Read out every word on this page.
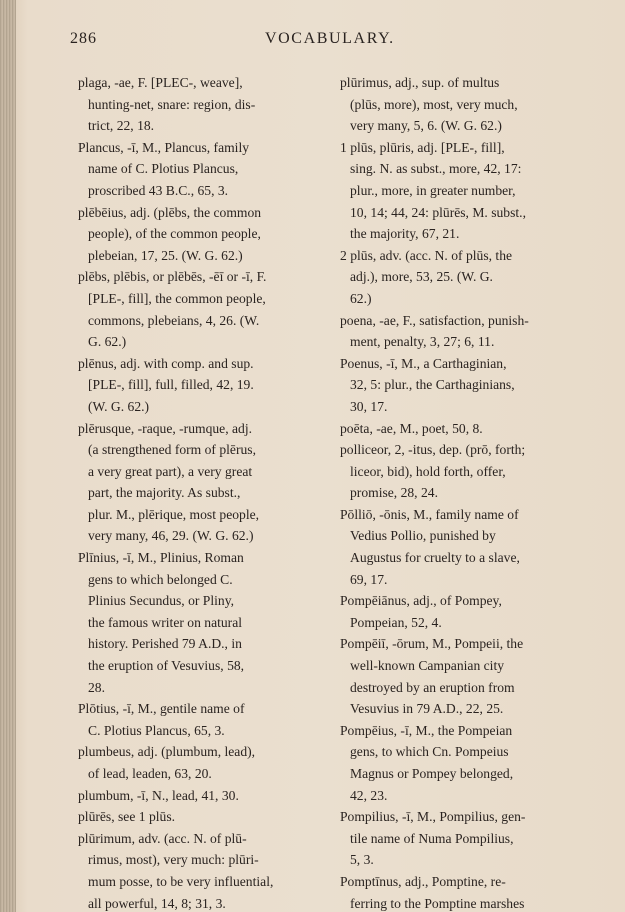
286	VOCABULARY.
plaga, -ae, F. [PLEC-, weave],
hunting-net, snare: region, dis-
trict, 22, 18.
Plancus, -ī, M., Plancus, family
name of C. Plotius Plancus,
proscribed 43 B.C., 65, 3.
plēbēius, adj. (plēbs, the common
people), of the common people,
plebeian, 17, 25. (W. G. 62.)
plēbs, plēbis, or plēbēs, -ēī or -ī, F.
[PLE-, fill], the common people,
commons, plebeians, 4, 26. (W.
G. 62.)
plēnus, adj. with comp. and sup.
[PLE-, fill], full, filled, 42, 19.
(W. G. 62.)
plērusque, -raque, -rumque, adj.
(a strengthened form of plērus,
a very great part), a very great
part, the majority. As subst.,
plur. M., plērique, most people,
very many, 46, 29. (W. G. 62.)
Plīnius, -ī, M., Plinius, Roman
gens to which belonged C.
Plinius Secundus, or Pliny,
the famous writer on natural
history. Perished 79 A.D., in
the eruption of Vesuvius, 58,
28.
Plōtius, -ī, M., gentile name of
C. Plotius Plancus, 65, 3.
plumbeus, adj. (plumbum, lead),
of lead, leaden, 63, 20.
plumbum, -ī, N., lead, 41, 30.
plūrēs, see 1 plūs.
plūrimum, adv. (acc. N. of plū-
rimus, most), very much: plūri-
mum posse, to be very influential,
all powerful, 14, 8; 31, 3.
plūrimus, adj., sup. of multus
(plūs, more), most, very much,
very many, 5, 6. (W. G. 62.)
1 plūs, plūris, adj. [PLE-, fill],
sing. N. as subst., more, 42, 17:
plur., more, in greater number,
10, 14; 44, 24: plūrēs, M. subst.,
the majority, 67, 21.
2 plūs, adv. (acc. N. of plūs, the
adj.), more, 53, 25. (W. G.
62.)
poena, -ae, F., satisfaction, punish-
ment, penalty, 3, 27; 6, 11.
Poenus, -ī, M., a Carthaginian,
32, 5: plur., the Carthaginians,
30, 17.
poēta, -ae, M., poet, 50, 8.
polliceor, 2, -itus, dep. (prō, forth;
liceor, bid), hold forth, offer,
promise, 28, 24.
Pōlliō, -ōnis, M., family name of
Vedius Pollio, punished by
Augustus for cruelty to a slave,
69, 17.
Pompēiānus, adj., of Pompey,
Pompeian, 52, 4.
Pompēiī, -ōrum, M., Pompeii, the
well-known Campanian city
destroyed by an eruption from
Vesuvius in 79 A.D., 22, 25.
Pompēius, -ī, M., the Pompeian
gens, to which Cn. Pompeius
Magnus or Pompey belonged,
42, 23.
Pompilius, -ī, M., Pompilius, gen-
tile name of Numa Pompilius,
5, 3.
Pomptīnus, adj., Pomptine, re-
ferring to the Pomptine marshes
